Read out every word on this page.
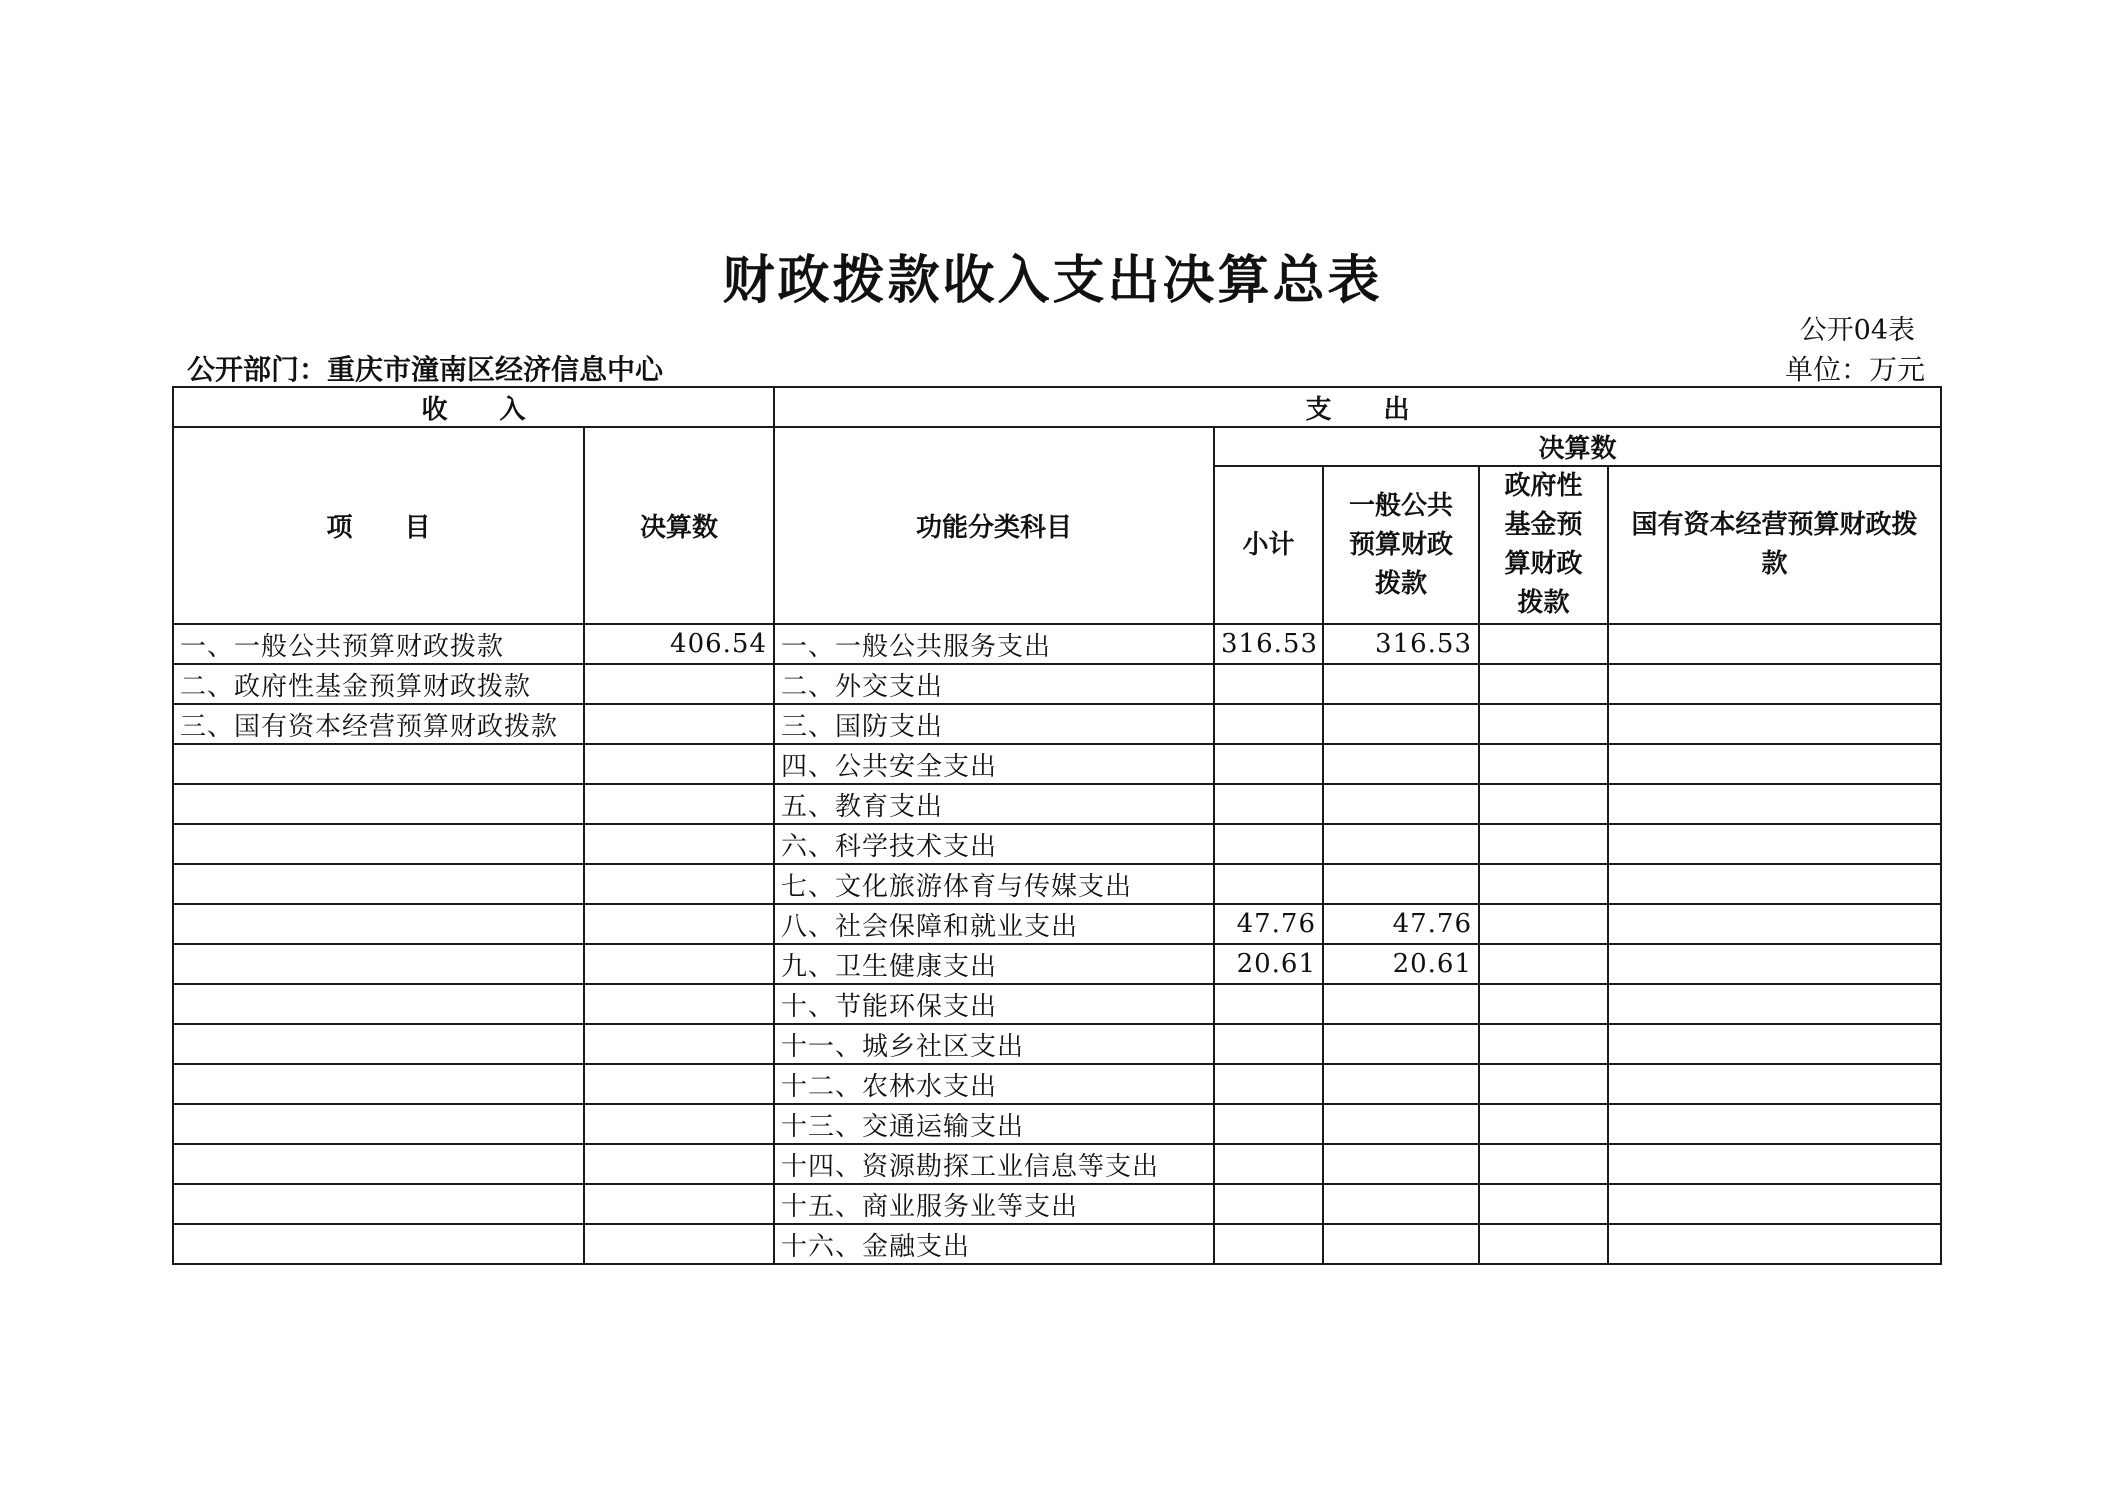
财政拨款收入支出决算总表
公开04表
公开部门：重庆市潼南区经济信息中心	单位：万元
收　　入		支　　出				
项　　目	决算数	功能分类科目	决算数			
			小计	一般公共预算财政拨款	政府性基金预算财政拨款	国有资本经营预算财政拨款
一、一般公共预算财政拨款	406.54	一、一般公共服务支出	316.53	316.53		
二、政府性基金预算财政拨款		二、外交支出				
三、国有资本经营预算财政拨款		三、国防支出				
		四、公共安全支出				
		五、教育支出				
		六、科学技术支出				
		七、文化旅游体育与传媒支出				
		八、社会保障和就业支出	47.76	47.76		
		九、卫生健康支出	20.61	20.61		
		十、节能环保支出				
		十一、城乡社区支出				
		十二、农林水支出				
		十三、交通运输支出				
		十四、资源勘探工业信息等支出				
		十五、商业服务业等支出				
		十六、金融支出				
